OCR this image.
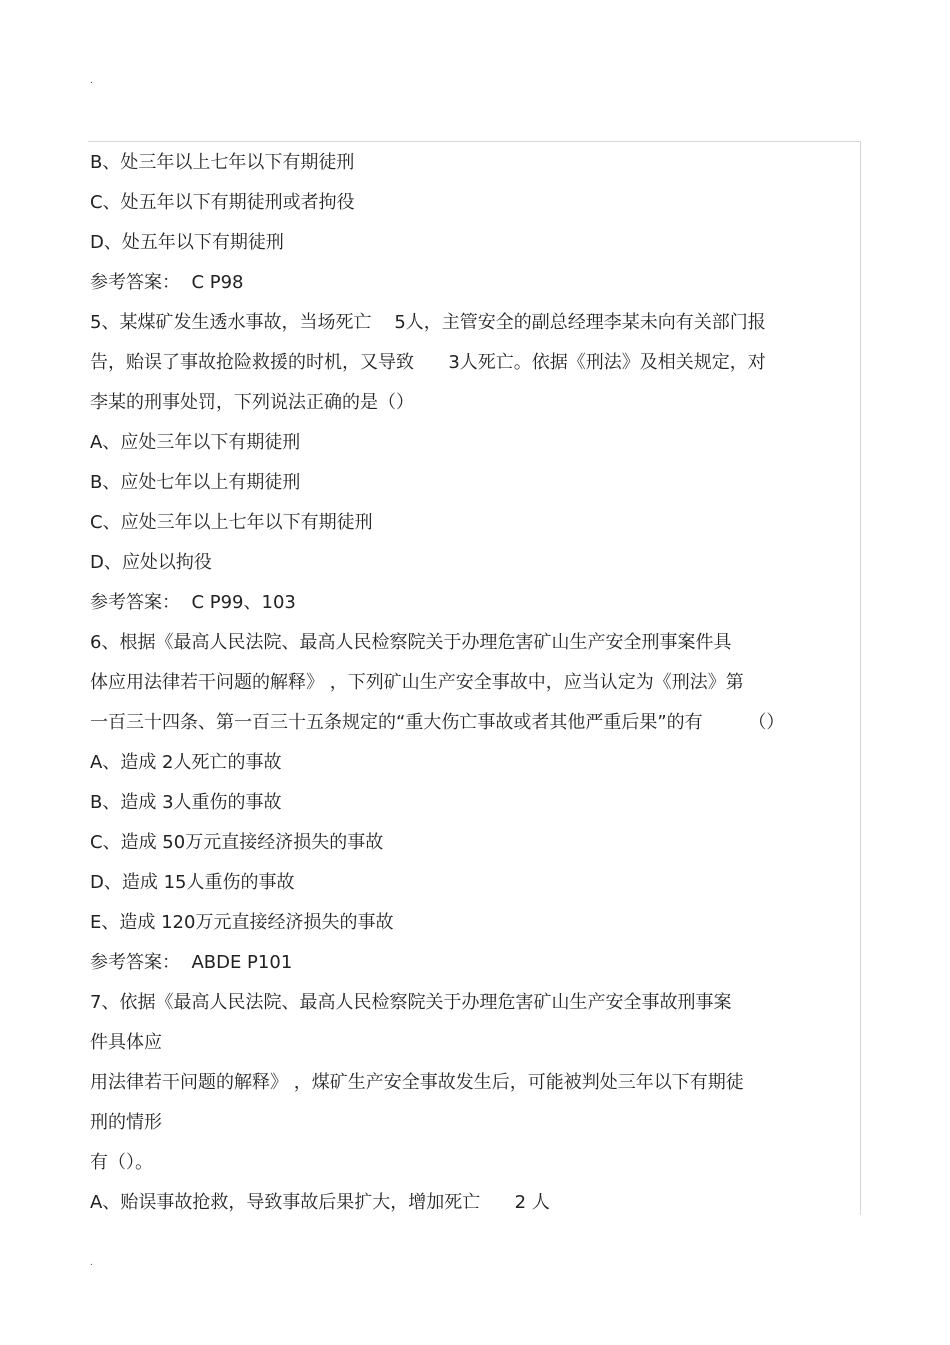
.
B、处三年以上七年以下有期徒刑
C、处五年以下有期徒刑或者拘役
D、处五年以下有期徒刑
参考答案：  C P98
5、某煤矿发生透水事故，当场死亡    5人，主管安全的副总经理李某未向有关部门报
告，贻误了事故抢险救援的时机，又导致      3人死亡。依据《刑法》及相关规定，对
李某的刑事处罚，下列说法正确的是（）
A、应处三年以下有期徒刑
B、应处七年以上有期徒刑
C、应处三年以上七年以下有期徒刑
D、应处以拘役
参考答案：  C P99、103
6、根据《最高人民法院、最高人民检察院关于办理危害矿山生产安全刑事案件具
体应用法律若干问题的解释》 ，下列矿山生产安全事故中，应当认定为《刑法》第
一百三十四条、第一百三十五条规定的“重大伤亡事故或者其他严重后果”的有        （）
A、造成 2人死亡的事故
B、造成 3人重伤的事故
C、造成 50万元直接经济损失的事故
D、造成 15人重伤的事故
E、造成 120万元直接经济损失的事故
参考答案：  ABDE P101
7、依据《最高人民法院、最高人民检察院关于办理危害矿山生产安全事故刑事案
件具体应
用法律若干问题的解释》 ，煤矿生产安全事故发生后，可能被判处三年以下有期徒
刑的情形
有（）。
A、贻误事故抢救，导致事故后果扩大，增加死亡      2 人
.
